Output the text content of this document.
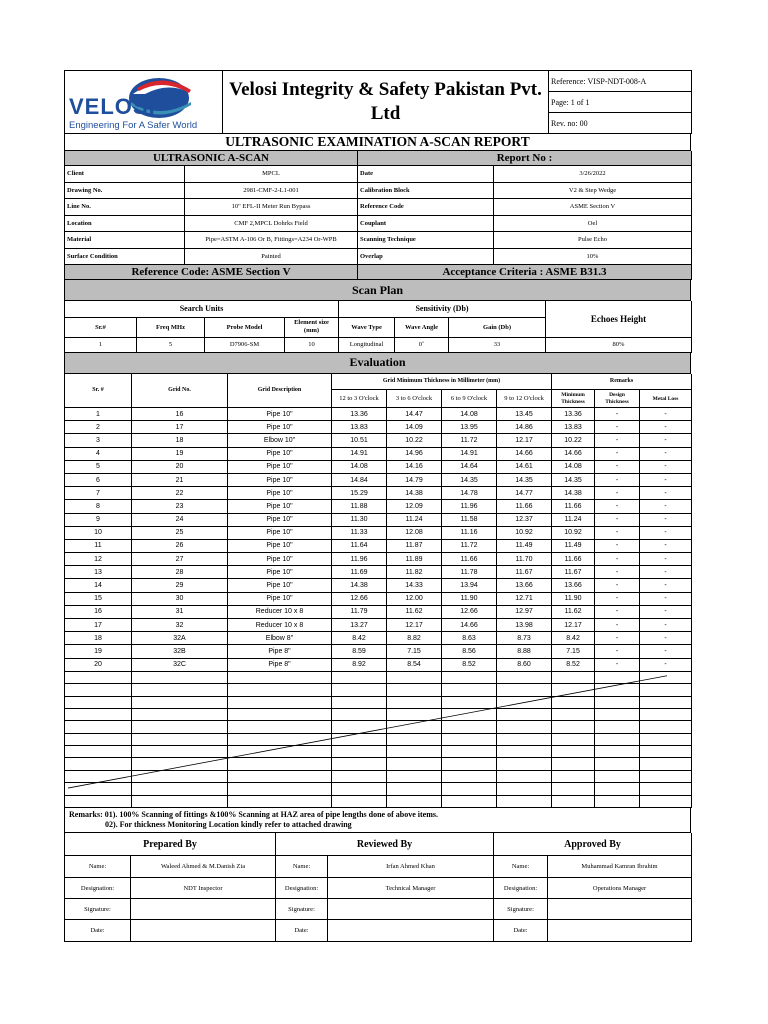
VELOSI
Engineering For A Safer World
	Velosi Integrity & Safety Pakistan Pvt. Ltd	Reference: VISP-NDT-008-A
Page: 1 of 1
Rev. no: 00
ULTRASONIC EXAMINATION A-SCAN REPORT
ULTRASONIC A-SCAN	Report No :
Client	MPCL	Date	3/26/2022
Drawing No.	2981-CMF-2-L1-001	Calibration Block	V2 & Step Wedge
Line No.	10" EFL-II Meter Run Bypass	Reference Code	ASME Section V
Location	CMF 2,MPCL Dohrks Field	Couplant	Oel
Material	Pipe=ASTM A-106 Or B, Fittings=A234 Or-WPB	Scanning Technique	Pulse Echo
Surface Condition	Painted	Overlap	10%
Reference Code: ASME Section V	Acceptance Criteria : ASME B31.3
Scan Plan
Search Units				Sensitivity (Db)			Echoes Height
Sr.#	Freq MHz	Probe Model	Element size (mm)	Wave Type	Wave Angle	Gain (Db)	
1	5	D7906-SM	10	Longitudinal	0˚	33	80%
Evaluation
Sr. #	Grid No.	Grid Description	Grid Minimum Thickness in Millimeter (mm)				Remarks		
			12 to 3 O'clock	3 to 6 O'clock	6 to 9 O'clock	9 to 12 O'clock	Minimum Thickness	Design Thickness	Metal Loss
1	16	Pipe 10"	13.36	14.47	14.08	13.45	13.36	-	-
2	17	Pipe 10"	13.83	14.09	13.95	14.86	13.83	-	-
3	18	Elbow 10"	10.51	10.22	11.72	12.17	10.22	-	-
4	19	Pipe 10"	14.91	14.96	14.91	14.66	14.66	-	-
5	20	Pipe 10"	14.08	14.16	14.64	14.61	14.08	-	-
6	21	Pipe 10"	14.84	14.79	14.35	14.35	14.35	-	-
7	22	Pipe 10"	15.29	14.38	14.78	14.77	14.38	-	-
8	23	Pipe 10"	11.88	12.09	11.96	11.66	11.66	-	-
9	24	Pipe 10"	11.30	11.24	11.58	12.37	11.24	-	-
10	25	Pipe 10"	11.33	12.08	11.16	10.92	10.92	-	-
11	26	Pipe 10"	11.64	11.87	11.72	11.49	11.49	-	-
12	27	Pipe 10"	11.96	11.89	11.66	11.70	11.66	-	-
13	28	Pipe 10"	11.69	11.82	11.78	11.67	11.67	-	-
14	29	Pipe 10"	14.38	14.33	13.94	13.66	13.66	-	-
15	30	Pipe 10"	12.66	12.00	11.90	12.71	11.90	-	-
16	31	Reducer 10 x 8	11.79	11.62	12.66	12.97	11.62	-	-
17	32	Reducer 10 x 8	13.27	12.17	14.66	13.98	12.17	-	-
18	32A	Elbow 8"	8.42	8.82	8.63	8.73	8.42	-	-
19	32B	Pipe 8"	8.59	7.15	8.56	8.88	7.15	-	-
20	32C	Pipe 8"	8.92	8.54	8.52	8.60	8.52	-	-

Remarks: 01). 100% Scanning of fittings &100% Scanning at HAZ area of pipe lengths done of above items.
02). For thickness Monitoring Location kindly refer to attached drawing
Prepared By		Reviewed By		Approved By	
Name:	Waleed Ahmed & M.Danish Zia	Name:	Irfan Ahmed Khan	Name:	Muhammad Kamran Ibrahim
Designation:	NDT Inspector	Designation:	Technical Manager	Designation:	Operations Manager
Signature:		Signature:		Signature:	
Date:		Date:		Date:	
